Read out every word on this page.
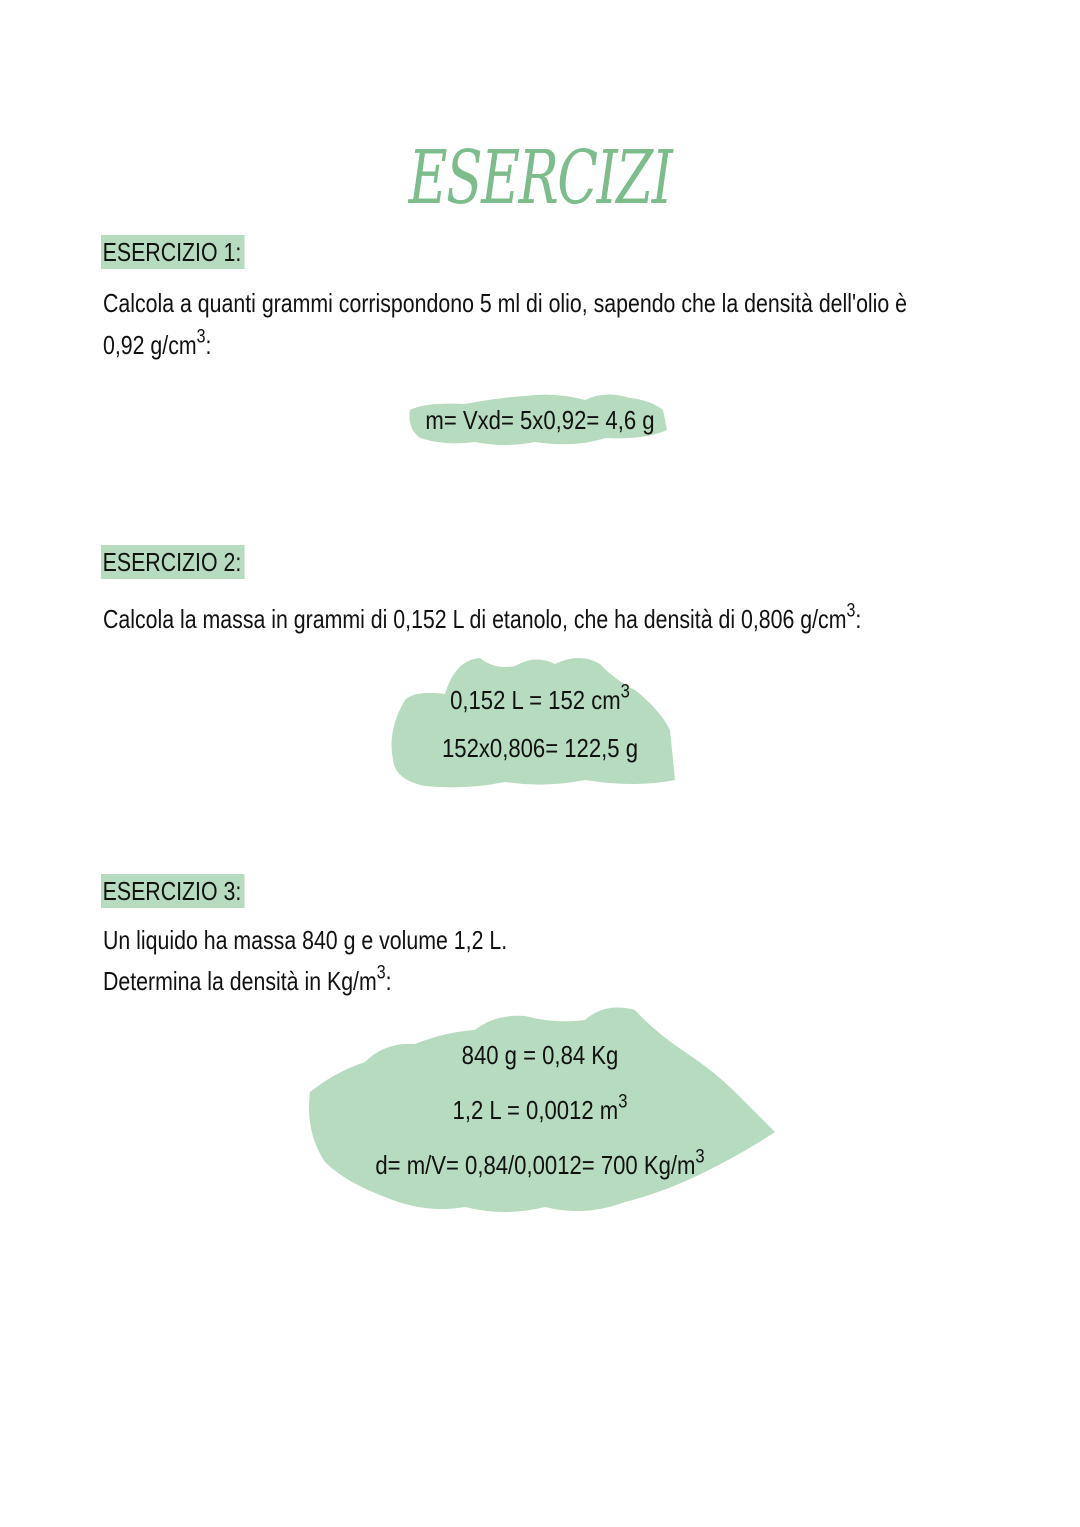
ESERCIZI
ESERCIZIO 1:
Calcola a quanti grammi corrispondono 5 ml di olio, sapendo che la densità dell'olio è
0,92 $g/cm^3$:
m= Vxd= 5x0,92= 4,6 g
ESERCIZIO 2:
Calcola la massa in grammi di 0,152 L di etanolo, che ha densità di 0,806 $g/cm^3$:
0,152 L = 152 $cm^3$
152x0,806= 122,5 g
ESERCIZIO 3:
Un liquido ha massa 840 g e volume 1,2 L.
Determina la densità in $Kg/m^3$:
840 g = 0,84 Kg
1,2 L = 0,0012 $m^3$
d= m/V= 0,84/0,0012= 700 $Kg/m^3$
